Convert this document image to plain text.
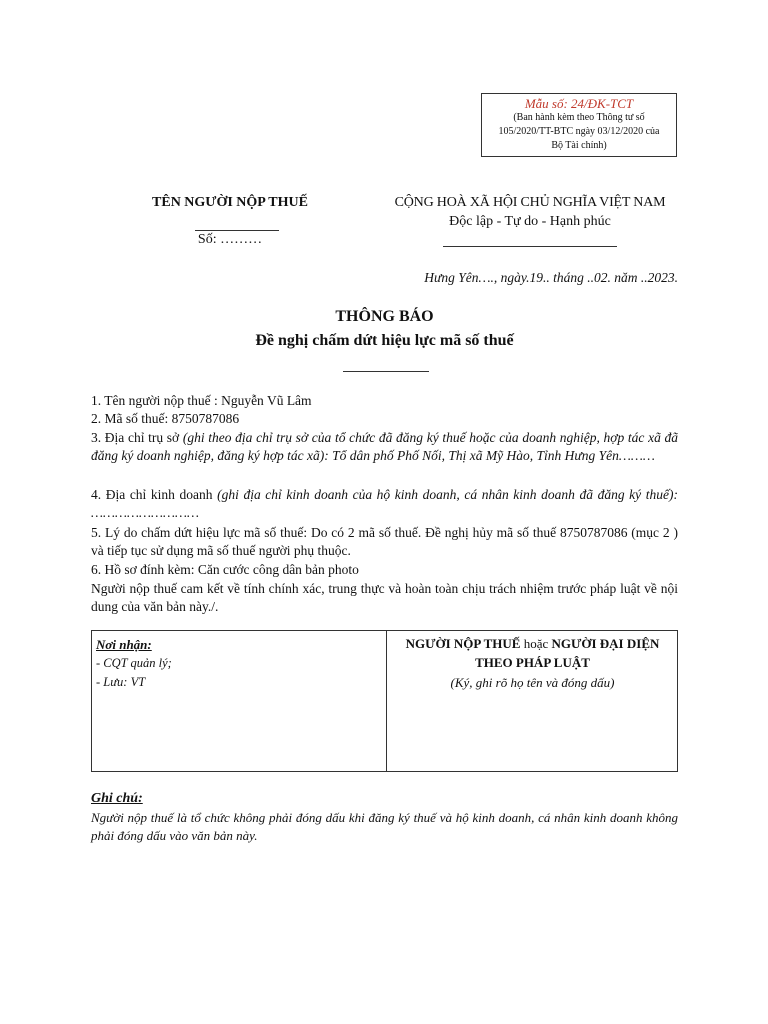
Mẫu số: 24/ĐK-TCT
(Ban hành kèm theo Thông tư số
105/2020/TT-BTC ngày 03/12/2020 của
Bộ Tài chính)
TÊN NGƯỜI NỘP THUẾ
Số: ………
CỘNG HOÀ XÃ HỘI CHỦ NGHĨA VIỆT NAM
Độc lập - Tự do - Hạnh phúc
Hưng Yên…., ngày.19.. tháng ..02. năm ..2023.
THÔNG BÁO
Đề nghị chấm dứt hiệu lực mã số thuế
1. Tên người nộp thuế : Nguyễn Vũ Lâm
2. Mã số thuế: 8750787086
3. Địa chỉ trụ sở (ghi theo địa chỉ trụ sở của tổ chức đã đăng ký thuế hoặc của doanh nghiệp, hợp tác xã đã đăng ký doanh nghiệp, đăng ký hợp tác xã): Tổ dân phố Phố Nối, Thị xã Mỹ Hào, Tỉnh Hưng Yên………
4. Địa chỉ kinh doanh (ghi địa chỉ kinh doanh của hộ kinh doanh, cá nhân kinh doanh đã đăng ký thuế): ………………………
5. Lý do chấm dứt hiệu lực mã số thuế: Do có 2 mã số thuế. Đề nghị hủy mã số thuế 8750787086 (mục 2 ) và tiếp tục sử dụng mã số thuế người phụ thuộc.
6. Hồ sơ đính kèm: Căn cước công dân bản photo
Người nộp thuế cam kết về tính chính xác, trung thực và hoàn toàn chịu trách nhiệm trước pháp luật về nội dung của văn bản này./.
Nơi nhận:
- CQT quản lý;
- Lưu: VT
NGƯỜI NỘP THUẾ hoặc NGƯỜI ĐẠI DIỆN
THEO PHÁP LUẬT
(Ký, ghi rõ họ tên và đóng dấu)
Ghi chú:
Người nộp thuế là tổ chức không phải đóng dấu khi đăng ký thuế và hộ kinh doanh, cá nhân kinh doanh không phải đóng dấu vào văn bản này.
